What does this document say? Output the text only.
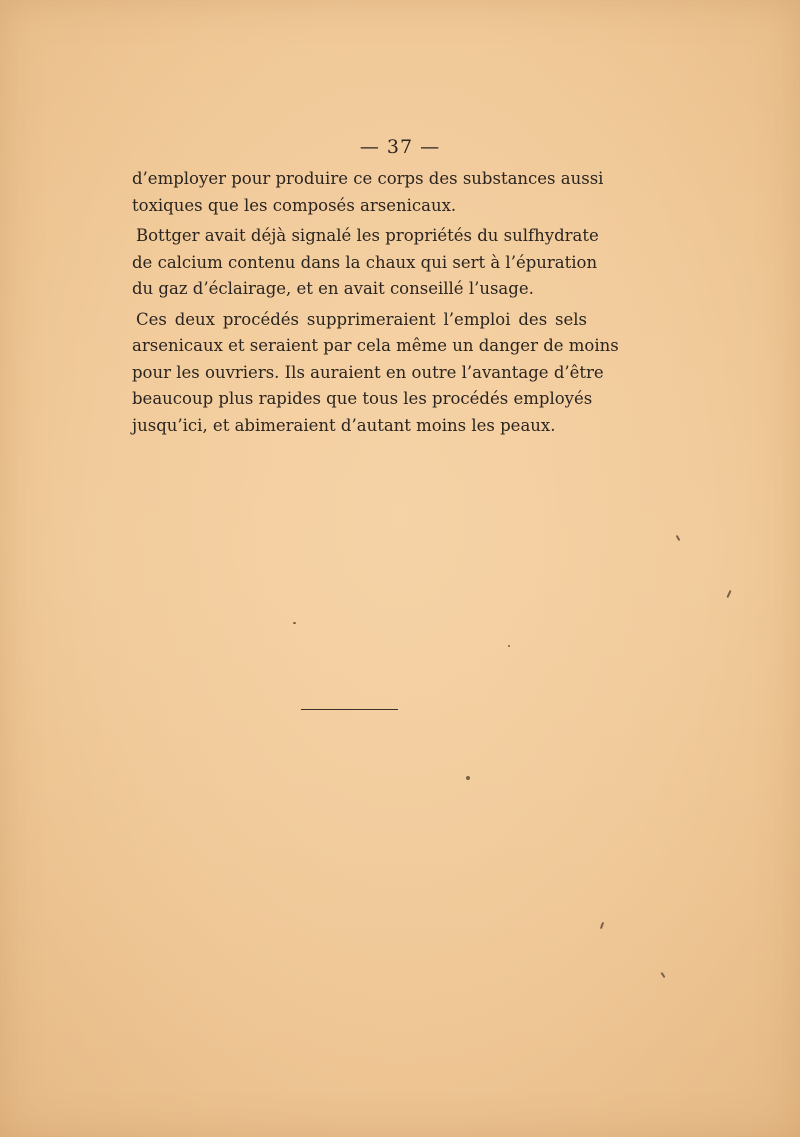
— 37 —

d’employer pour produire ce corps des substances aussi
toxiques que les composés arsenicaux.

Bottger avait déjà signalé les propriétés du sulfhydrate
de calcium contenu dans la chaux qui sert à l’épuration
du gaz d’éclairage, et en avait conseillé l’usage.

Ces deux procédés supprimeraient l’emploi des sels
arsenicaux et seraient par cela même un danger de moins
pour les ouvriers. Ils auraient en outre l’avantage d’être
beaucoup plus rapides que tous les procédés employés
jusqu’ici, et abimeraient d’autant moins les peaux.
